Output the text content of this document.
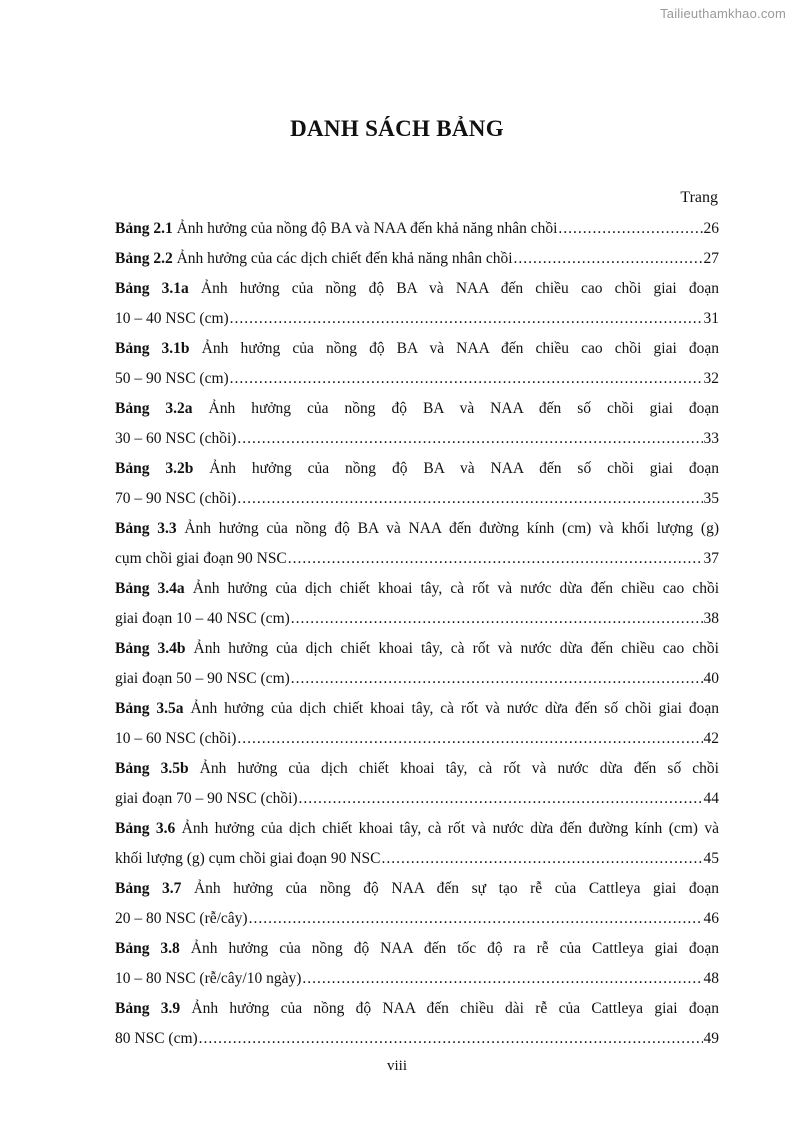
Tailieuthamkhao.com
DANH SÁCH BẢNG
Trang
Bảng 2.1 Ảnh hưởng của nồng độ BA và NAA đến khả năng nhân chồi .....	26
Bảng 2.2 Ảnh hưởng của các dịch chiết đến khả năng nhân chồi .....	27
Bảng 3.1a Ảnh hưởng của nồng độ BA và NAA đến chiều cao chồi giai đoạn
10 – 40 NSC (cm) .....	31
Bảng 3.1b Ảnh hưởng của nồng độ BA và NAA đến chiều cao chồi giai đoạn
50 – 90 NSC (cm) .....	32
Bảng 3.2a Ảnh hưởng của nồng độ BA và NAA đến số chồi giai đoạn
30 – 60 NSC (chồi) .....	33
Bảng 3.2b Ảnh hưởng của nồng độ BA và NAA đến số chồi giai đoạn
70 – 90 NSC (chồi) .....	35
Bảng 3.3 Ảnh hưởng của nồng độ BA và NAA đến đường kính (cm) và khối lượng (g)
cụm chồi giai đoạn 90 NSC .....	37
Bảng 3.4a Ảnh hưởng của dịch chiết khoai tây, cà rốt và nước dừa đến chiều cao chồi
giai đoạn 10 – 40 NSC (cm) .....	38
Bảng 3.4b Ảnh hưởng của dịch chiết khoai tây, cà rốt và nước dừa đến chiều cao chồi
giai đoạn 50 – 90 NSC (cm) .....	40
Bảng 3.5a Ảnh hưởng của dịch chiết khoai tây, cà rốt và nước dừa đến số chồi giai đoạn
10 – 60 NSC (chồi) .....	42
Bảng 3.5b Ảnh hưởng của dịch chiết khoai tây, cà rốt và nước dừa đến số chồi
giai đoạn 70 – 90 NSC (chồi) .....	44
Bảng 3.6 Ảnh hưởng của dịch chiết khoai tây, cà rốt và nước dừa đến đường kính (cm) và
khối lượng (g) cụm chồi giai đoạn 90 NSC .....	45
Bảng 3.7 Ảnh hưởng của nồng độ NAA đến sự tạo rễ của Cattleya giai đoạn
20 – 80 NSC (rễ/cây) .....	46
Bảng 3.8 Ảnh hưởng của nồng độ NAA đến tốc độ ra rễ của Cattleya giai đoạn
10 – 80 NSC (rễ/cây/10 ngày) .....	48
Bảng 3.9 Ảnh hưởng của nồng độ NAA đến chiều dài rễ của Cattleya giai đoạn
80 NSC (cm) .....	49
viii
